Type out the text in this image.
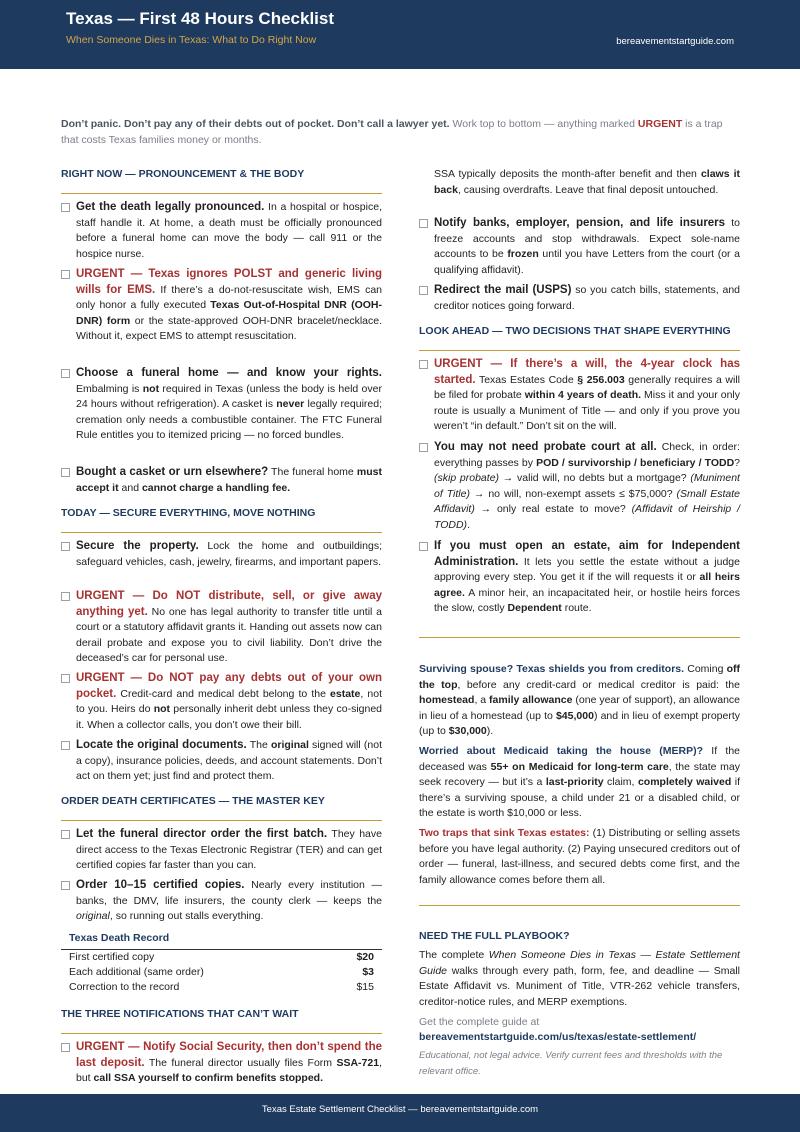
Texas — First 48 Hours Checklist
When Someone Dies in Texas: What to Do Right Now	bereavementstartguide.com
Don’t panic. Don’t pay any of their debts out of pocket. Don’t call a lawyer yet. Work top to bottom — anything marked URGENT is a trap that costs Texas families money or months.
RIGHT NOW — PRONOUNCEMENT & THE BODY
Get the death legally pronounced. In a hospital or hospice, staff handle it. At home, a death must be officially pronounced before a funeral home can move the body — call 911 or the hospice nurse.
URGENT — Texas ignores POLST and generic living wills for EMS. If there’s a do-not-resuscitate wish, EMS can only honor a fully executed Texas Out-of-Hospital DNR (OOH-DNR) form or the state-approved OOH-DNR bracelet/necklace. Without it, expect EMS to attempt resuscitation.
Choose a funeral home — and know your rights. Embalming is not required in Texas (unless the body is held over 24 hours without refrigeration). A casket is never legally required; cremation only needs a combustible container. The FTC Funeral Rule entitles you to itemized pricing — no forced bundles.
Bought a casket or urn elsewhere? The funeral home must accept it and cannot charge a handling fee.
TODAY — SECURE EVERYTHING, MOVE NOTHING
Secure the property. Lock the home and outbuildings; safeguard vehicles, cash, jewelry, firearms, and important papers.
URGENT — Do NOT distribute, sell, or give away anything yet. No one has legal authority to transfer title until a court or a statutory affidavit grants it. Handing out assets now can derail probate and expose you to civil liability. Don’t drive the deceased’s car for personal use.
URGENT — Do NOT pay any debts out of your own pocket. Credit-card and medical debt belong to the estate, not to you. Heirs do not personally inherit debt unless they co-signed it. When a collector calls, you don’t owe their bill.
Locate the original documents. The original signed will (not a copy), insurance policies, deeds, and account statements. Don’t act on them yet; just find and protect them.
ORDER DEATH CERTIFICATES — THE MASTER KEY
Let the funeral director order the first batch. They have direct access to the Texas Electronic Registrar (TER) and can get certified copies far faster than you can.
Order 10–15 certified copies. Nearly every institution — banks, the DMV, life insurers, the county clerk — keeps the original, so running out stalls everything.
Texas Death Record
First certified copy	$20
Each additional (same order)	$3
Correction to the record	$15
THE THREE NOTIFICATIONS THAT CAN’T WAIT
URGENT — Notify Social Security, then don’t spend the last deposit. The funeral director usually files Form SSA-721, but call SSA yourself to confirm benefits stopped.
SSA typically deposits the month-after benefit and then claws it back, causing overdrafts. Leave that final deposit untouched.
Notify banks, employer, pension, and life insurers to freeze accounts and stop withdrawals. Expect sole-name accounts to be frozen until you have Letters from the court (or a qualifying affidavit).
Redirect the mail (USPS) so you catch bills, statements, and creditor notices going forward.
LOOK AHEAD — TWO DECISIONS THAT SHAPE EVERYTHING
URGENT — If there’s a will, the 4-year clock has started. Texas Estates Code § 256.003 generally requires a will be filed for probate within 4 years of death. Miss it and your only route is usually a Muniment of Title — and only if you prove you weren’t “in default.” Don’t sit on the will.
You may not need probate court at all. Check, in order: everything passes by POD / survivorship / beneficiary / TODD? (skip probate) → valid will, no debts but a mortgage? (Muniment of Title) → no will, non-exempt assets ≤ $75,000? (Small Estate Affidavit) → only real estate to move? (Affidavit of Heirship / TODD).
If you must open an estate, aim for Independent Administration. It lets you settle the estate without a judge approving every step. You get it if the will requests it or all heirs agree. A minor heir, an incapacitated heir, or hostile heirs forces the slow, costly Dependent route.
Surviving spouse? Texas shields you from creditors. Coming off the top, before any credit-card or medical creditor is paid: the homestead, a family allowance (one year of support), an allowance in lieu of a homestead (up to $45,000) and in lieu of exempt property (up to $30,000).
Worried about Medicaid taking the house (MERP)? If the deceased was 55+ on Medicaid for long-term care, the state may seek recovery — but it’s a last-priority claim, completely waived if there’s a surviving spouse, a child under 21 or a disabled child, or the estate is worth $10,000 or less.
Two traps that sink Texas estates: (1) Distributing or selling assets before you have legal authority. (2) Paying unsecured creditors out of order — funeral, last-illness, and secured debts come first, and the family allowance comes before them all.
NEED THE FULL PLAYBOOK?
The complete When Someone Dies in Texas — Estate Settlement Guide walks through every path, form, fee, and deadline — Small Estate Affidavit vs. Muniment of Title, VTR-262 vehicle transfers, creditor-notice rules, and MERP exemptions.
Get the complete guide at
bereavementstartguide.com/us/texas/estate-settlement/
Educational, not legal advice. Verify current fees and thresholds with the relevant office.
Texas Estate Settlement Checklist — bereavementstartguide.com
